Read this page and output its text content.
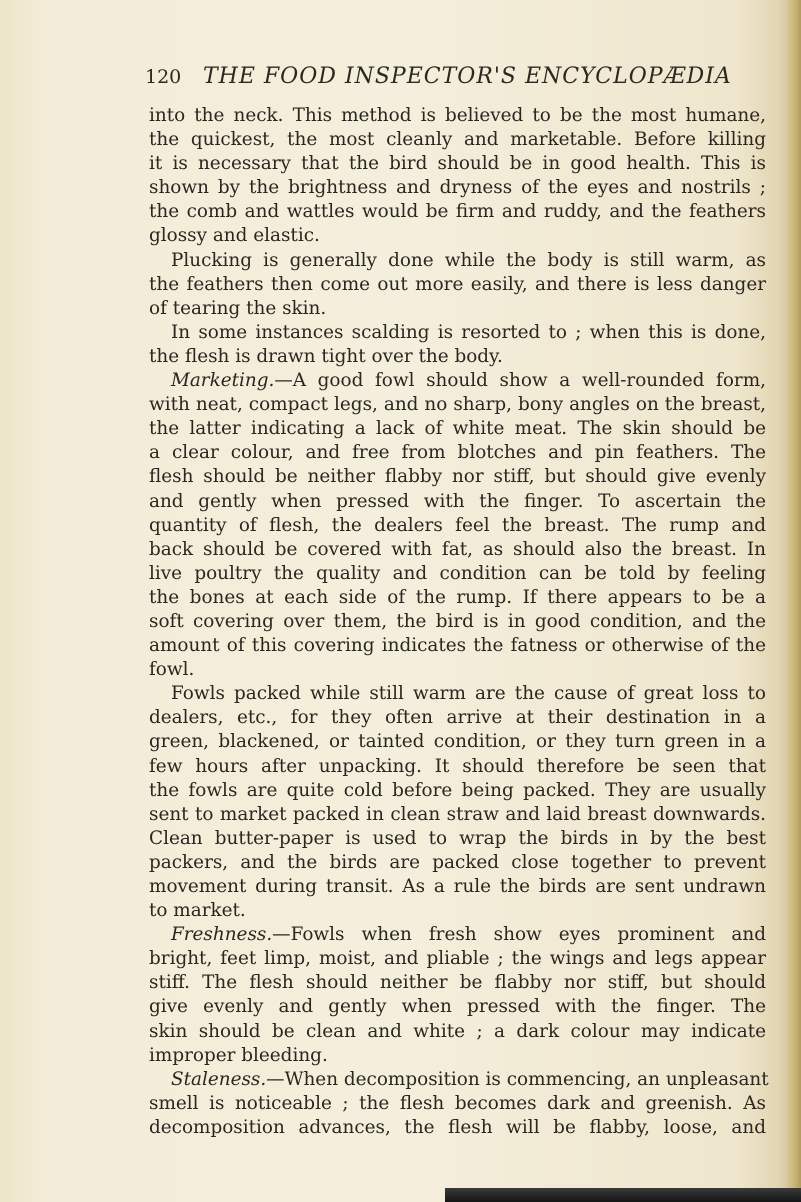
120 THE FOOD INSPECTOR'S ENCYCLOPÆDIA
into the neck. This method is believed to be the most humane,
the quickest, the most cleanly and marketable. Before killing
it is necessary that the bird should be in good health. This is
shown by the brightness and dryness of the eyes and nostrils ;
the comb and wattles would be firm and ruddy, and the feathers
glossy and elastic.
Plucking is generally done while the body is still warm, as
the feathers then come out more easily, and there is less danger
of tearing the skin.
In some instances scalding is resorted to ; when this is done,
the flesh is drawn tight over the body.
Marketing.—A good fowl should show a well-rounded form,
with neat, compact legs, and no sharp, bony angles on the breast,
the latter indicating a lack of white meat. The skin should be
a clear colour, and free from blotches and pin feathers. The
flesh should be neither flabby nor stiff, but should give evenly
and gently when pressed with the finger. To ascertain the
quantity of flesh, the dealers feel the breast. The rump and
back should be covered with fat, as should also the breast. In
live poultry the quality and condition can be told by feeling
the bones at each side of the rump. If there appears to be a
soft covering over them, the bird is in good condition, and the
amount of this covering indicates the fatness or otherwise of the
fowl.
Fowls packed while still warm are the cause of great loss to
dealers, etc., for they often arrive at their destination in a
green, blackened, or tainted condition, or they turn green in a
few hours after unpacking. It should therefore be seen that
the fowls are quite cold before being packed. They are usually
sent to market packed in clean straw and laid breast downwards.
Clean butter-paper is used to wrap the birds in by the best
packers, and the birds are packed close together to prevent
movement during transit. As a rule the birds are sent undrawn
to market.
Freshness.—Fowls when fresh show eyes prominent and
bright, feet limp, moist, and pliable ; the wings and legs appear
stiff. The flesh should neither be flabby nor stiff, but should
give evenly and gently when pressed with the finger. The
skin should be clean and white ; a dark colour may indicate
improper bleeding.
Staleness.—When decomposition is commencing, an unpleasant
smell is noticeable ; the flesh becomes dark and greenish. As
decomposition advances, the flesh will be flabby, loose, and
